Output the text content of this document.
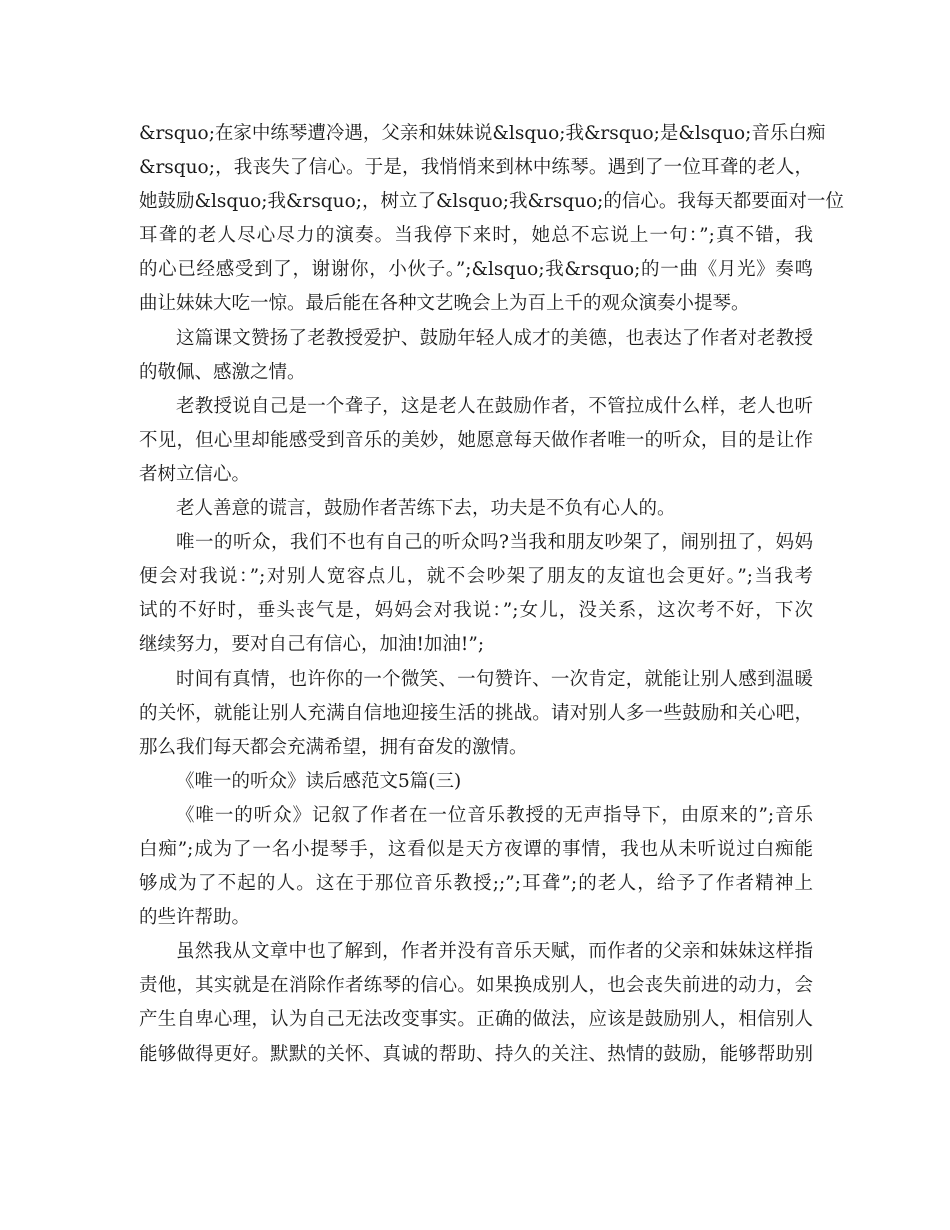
&rsquo;在家中练琴遭冷遇，父亲和妹妹说&lsquo;我&rsquo;是&lsquo;音乐白痴
&rsquo;，我丧失了信心。于是，我悄悄来到林中练琴。遇到了一位耳聋的老人，
她鼓励&lsquo;我&rsquo;，树立了&lsquo;我&rsquo;的信心。我每天都要面对一位
耳聋的老人尽心尽力的演奏。当我停下来时，她总不忘说上一句：”;真不错，我
的心已经感受到了，谢谢你，小伙子。”;&lsquo;我&rsquo;的一曲《月光》奏鸣
曲让妹妹大吃一惊。最后能在各种文艺晚会上为百上千的观众演奏小提琴。
这篇课文赞扬了老教授爱护、鼓励年轻人成才的美德，也表达了作者对老教授
的敬佩、感激之情。
老教授说自己是一个聋子，这是老人在鼓励作者，不管拉成什么样，老人也听
不见，但心里却能感受到音乐的美妙，她愿意每天做作者唯一的听众，目的是让作
者树立信心。
老人善意的谎言，鼓励作者苦练下去，功夫是不负有心人的。
唯一的听众，我们不也有自己的听众吗?当我和朋友吵架了，闹别扭了，妈妈
便会对我说：”;对别人宽容点儿，就不会吵架了朋友的友谊也会更好。”;当我考
试的不好时，垂头丧气是，妈妈会对我说：”;女儿，没关系，这次考不好，下次
继续努力，要对自己有信心，加油!加油!”;
时间有真情，也许你的一个微笑、一句赞许、一次肯定，就能让别人感到温暖
的关怀，就能让别人充满自信地迎接生活的挑战。请对别人多一些鼓励和关心吧，
那么我们每天都会充满希望，拥有奋发的激情。
《唯一的听众》读后感范文5篇(三)
《唯一的听众》记叙了作者在一位音乐教授的无声指导下，由原来的”;音乐
白痴”;成为了一名小提琴手，这看似是天方夜谭的事情，我也从未听说过白痴能
够成为了不起的人。这在于那位音乐教授;;”;耳聋”;的老人，给予了作者精神上
的些许帮助。
虽然我从文章中也了解到，作者并没有音乐天赋，而作者的父亲和妹妹这样指
责他，其实就是在消除作者练琴的信心。如果换成别人，也会丧失前进的动力，会
产生自卑心理，认为自己无法改变事实。正确的做法，应该是鼓励别人，相信别人
能够做得更好。默默的关怀、真诚的帮助、持久的关注、热情的鼓励，能够帮助别
